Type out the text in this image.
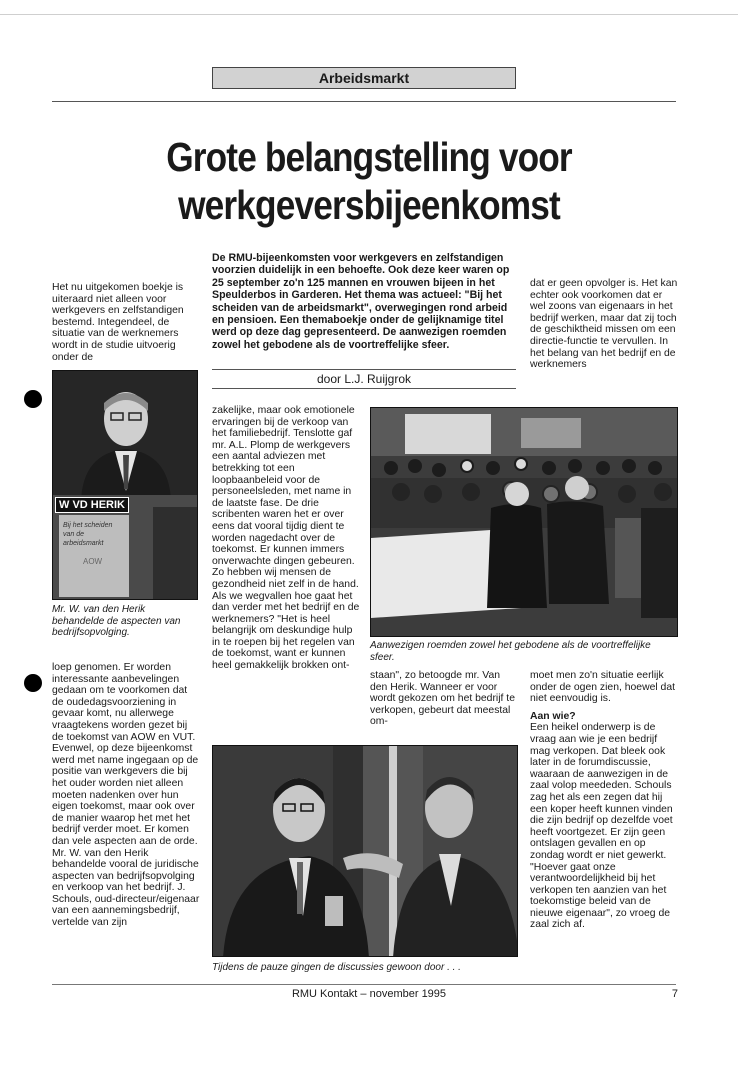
Arbeidsmarkt
Grote belangstelling voor
werkgeversbijeenkomst
De RMU-bijeenkomsten voor werkgevers en zelfstandigen voorzien duidelijk in een behoefte. Ook deze keer waren op 25 september zo'n 125 mannen en vrouwen bijeen in het Speulderbos in Garderen. Het thema was actueel: "Bij het scheiden van de arbeidsmarkt", overwegingen rond arbeid en pensioen. Een themaboekje onder de gelijknamige titel werd op deze dag gepresenteerd. De aanwezigen roemden zowel het gebodene als de voortreffelijke sfeer.
door L.J. Ruijgrok

Het nu uitgekomen boekje is uiteraard niet alleen voor werkgevers en zelfstandigen bestemd. Integendeel, de situatie van de werknemers wordt in de studie uitvoerig onder de

W VD HERIK
Bij het scheiden van de arbeidsmarkt
AOW
Mr. W. van den Herik behandelde de aspecten van bedrijfsopvolging.

loep genomen. Er worden interessante aanbevelingen gedaan om te voorkomen dat de oudedagsvoorziening in gevaar komt, nu allerwege vraagtekens worden gezet bij de toekomst van AOW en VUT. Evenwel, op deze bijeenkomst werd met name ingegaan op de positie van werkgevers die bij het ouder worden niet alleen moeten nadenken over hun eigen toekomst, maar ook over de manier waarop het met het bedrijf verder moet. Er komen dan vele aspecten aan de orde. Mr. W. van den Herik behandelde vooral de juridische aspecten van bedrijfsopvolging en verkoop van het bedrijf. J. Schouls, oud-directeur/eigenaar van een aannemingsbedrijf, vertelde van zijn

zakelijke, maar ook emotionele ervaringen bij de verkoop van het familiebedrijf. Tenslotte gaf mr. A.L. Plomp de werkgevers een aantal adviezen met betrekking tot een loopbaanbeleid voor de personeelsleden, met name in de laatste fase. De drie scribenten waren het er over eens dat vooral tijdig dient te worden nagedacht over de toekomst. Er kunnen immers onverwachte dingen gebeuren. Zo hebben wij mensen de gezondheid niet zelf in de hand. Als we wegvallen hoe gaat het dan verder met het bedrijf en de werknemers? "Het is heel belangrijk om deskundige hulp in te roepen bij het regelen van de toekomst, want er kunnen heel gemakkelijk brokken ont-

dat er geen opvolger is. Het kan echter ook voorkomen dat er wel zoons van eigenaars in het bedrijf werken, maar dat zij toch de geschiktheid missen om een directie-functie te vervullen. In het belang van het bedrijf en de werknemers

Aanwezigen roemden zowel het gebodene als de voortreffelijke sfeer.

staan", zo betoogde mr. Van den Herik. Wanneer er voor wordt gekozen om het bedrijf te verkopen, gebeurt dat meestal om-

moet men zo'n situatie eerlijk onder de ogen zien, hoewel dat niet eenvoudig is.

Aan wie?

Een heikel onderwerp is de vraag aan wie je een bedrijf mag verkopen. Dat bleek ook later in de forumdiscussie, waaraan de aanwezigen in de zaal volop meededen. Schouls zag het als een zegen dat hij een koper heeft kunnen vinden die zijn bedrijf op dezelfde voet heeft voortgezet. Er zijn geen ontslagen gevallen en op zondag wordt er niet gewerkt. "Hoever gaat onze verantwoordelijkheid bij het verkopen ten aanzien van het toekomstige beleid van de nieuwe eigenaar", zo vroeg de zaal zich af.

Tijdens de pauze gingen de discussies gewoon door . . .
RMU Kontakt – november 1995	7
